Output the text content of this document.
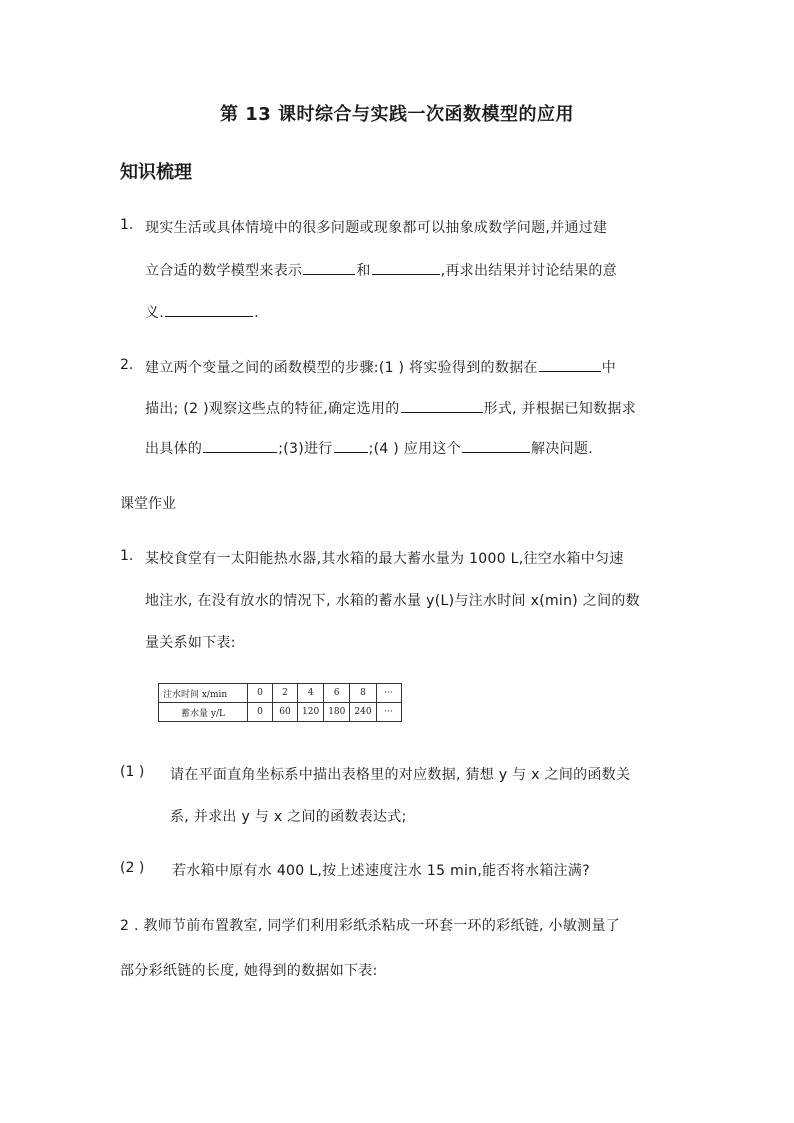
第 13 课时综合与实践一次函数模型的应用
知识梳理
1. 现实生活或具体情境中的很多问题或现象都可以抽象成数学问题,并通过建
立合适的数学模型来表示	和	,再求出结果并讨论结果的意
义.	.
2. 建立两个变量之间的函数模型的步骤:(1 ) 将实验得到的数据在	中
描出; (2 )观察这些点的特征,确定选用的	形式, 并根据已知数据求
出具体的	;(3)进行	;(4 ) 应用这个	解决问题.
课堂作业
1. 某校食堂有一太阳能热水器,其水箱的最大蓄水量为 1000 L,往空水箱中匀速
地注水, 在没有放水的情况下, 水箱的蓄水量 y(L)与注水时间 x(min) 之间的数
量关系如下表:
注水时间 x/min	0	2	4	6	8	···
蓄水量 y/L	0	60	120	180	240	···
(1 ) 请在平面直角坐标系中描出表格里的对应数据, 猜想 y 与 x 之间的函数关
系, 并求出 y 与 x 之间的函数表达式;
(2 ) 若水箱中原有水 400 L,按上述速度注水 15 min,能否将水箱注满?
2 . 教师节前布置教室, 同学们利用彩纸杀粘成一环套一环的彩纸链, 小敏测量了
部分彩纸链的长度, 她得到的数据如下表:
